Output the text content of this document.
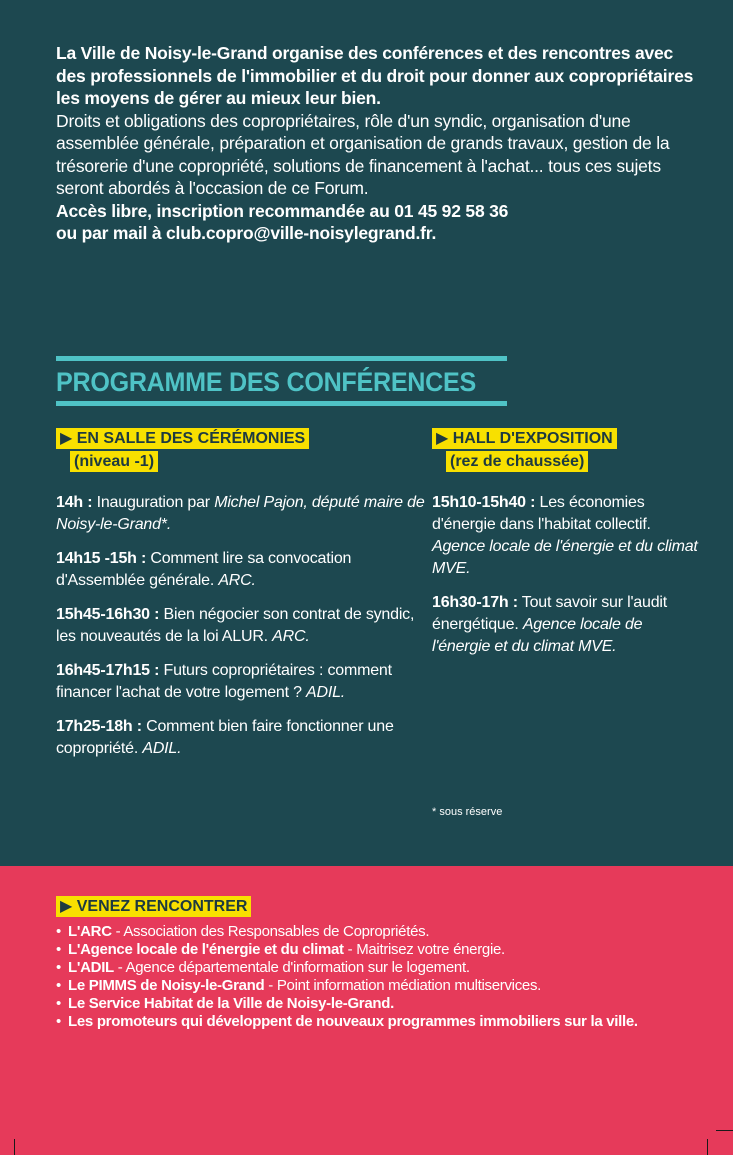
La Ville de Noisy-le-Grand organise des conférences et des rencontres avec des professionnels de l'immobilier et du droit pour donner aux copropriétaires les moyens de gérer au mieux leur bien.
Droits et obligations des copropriétaires, rôle d'un syndic, organisation d'une assemblée générale, préparation et organisation de grands travaux, gestion de la trésorerie d'une copropriété, solutions de financement à l'achat... tous ces sujets seront abordés à l'occasion de ce Forum.
Accès libre, inscription recommandée au 01 45 92 58 36
ou par mail à club.copro@ville-noisylegrand.fr.
PROGRAMME DES CONFÉRENCES
▶ EN SALLE DES CÉRÉMONIES
(niveau -1)
14h : Inauguration par Michel Pajon, député maire de Noisy-le-Grand*.
14h15 -15h : Comment lire sa convocation d'Assemblée générale. ARC.
15h45-16h30 : Bien négocier son contrat de syndic, les nouveautés de la loi ALUR. ARC.
16h45-17h15 : Futurs copropriétaires : comment financer l'achat de votre logement ? ADIL.
17h25-18h : Comment bien faire fonctionner une copropriété. ADIL.
▶ HALL D'EXPOSITION
(rez de chaussée)
15h10-15h40 : Les économies d'énergie dans l'habitat collectif. Agence locale de l'énergie et du climat MVE.
16h30-17h : Tout savoir sur l'audit énergétique. Agence locale de l'énergie et du climat MVE.
* sous réserve
▶ VENEZ RENCONTRER
• L'ARC - Association des Responsables de Copropriétés.
• L'Agence locale de l'énergie et du climat - Maitrisez votre énergie.
• L'ADIL - Agence départementale d'information sur le logement.
• Le PIMMS de Noisy-le-Grand - Point information médiation multiservices.
• Le Service Habitat de la Ville de Noisy-le-Grand.
• Les promoteurs qui développent de nouveaux programmes immobiliers sur la ville.
